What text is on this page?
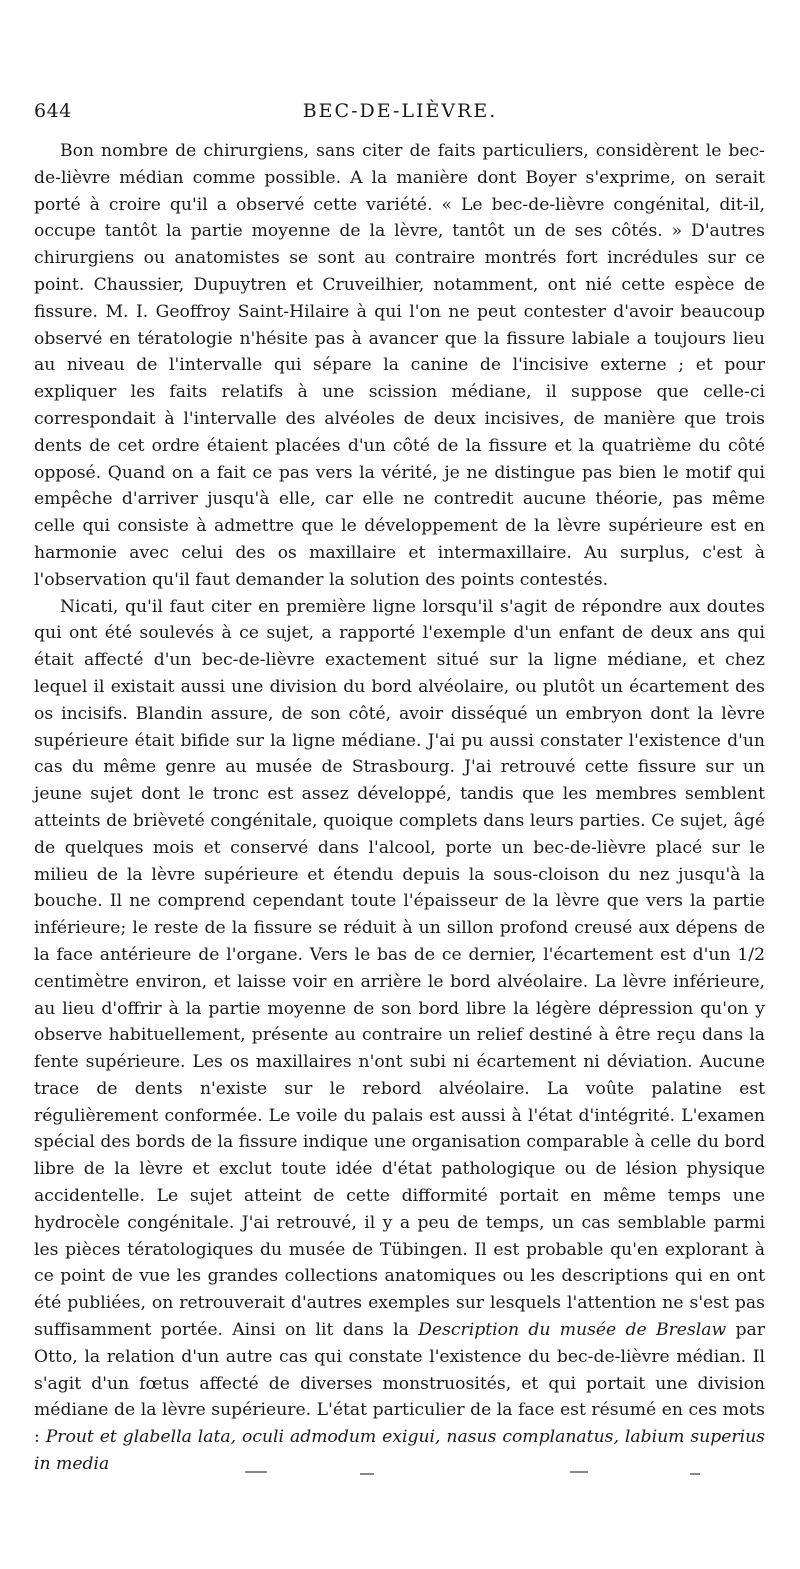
644	BEC-DE-LIÈVRE.

Bon nombre de chirurgiens, sans citer de faits particuliers, considèrent le bec-de-lièvre médian comme possible. A la manière dont Boyer s'exprime, on serait porté à croire qu'il a observé cette variété. « Le bec-de-lièvre congénital, dit-il, occupe tantôt la partie moyenne de la lèvre, tantôt un de ses côtés. » D'autres chirurgiens ou anatomistes se sont au contraire montrés fort incrédules sur ce point. Chaussier, Dupuytren et Cruveilhier, notamment, ont nié cette espèce de fissure. M. I. Geoffroy Saint-Hilaire à qui l'on ne peut contester d'avoir beaucoup observé en tératologie n'hésite pas à avancer que la fissure labiale a toujours lieu au niveau de l'intervalle qui sépare la canine de l'incisive externe ; et pour expliquer les faits relatifs à une scission médiane, il suppose que celle-ci correspondait à l'intervalle des alvéoles de deux incisives, de manière que trois dents de cet ordre étaient placées d'un côté de la fissure et la quatrième du côté opposé. Quand on a fait ce pas vers la vérité, je ne distingue pas bien le motif qui empêche d'arriver jusqu'à elle, car elle ne contredit aucune théorie, pas même celle qui consiste à admettre que le développement de la lèvre supérieure est en harmonie avec celui des os maxillaire et intermaxillaire. Au surplus, c'est à l'observation qu'il faut demander la solution des points contestés.

Nicati, qu'il faut citer en première ligne lorsqu'il s'agit de répondre aux doutes qui ont été soulevés à ce sujet, a rapporté l'exemple d'un enfant de deux ans qui était affecté d'un bec-de-lièvre exactement situé sur la ligne médiane, et chez lequel il existait aussi une division du bord alvéolaire, ou plutôt un écartement des os incisifs. Blandin assure, de son côté, avoir disséqué un embryon dont la lèvre supérieure était bifide sur la ligne médiane. J'ai pu aussi constater l'existence d'un cas du même genre au musée de Strasbourg. J'ai retrouvé cette fissure sur un jeune sujet dont le tronc est assez développé, tandis que les membres semblent atteints de brièveté congénitale, quoique complets dans leurs parties. Ce sujet, âgé de quelques mois et conservé dans l'alcool, porte un bec-de-lièvre placé sur le milieu de la lèvre supérieure et étendu depuis la sous-cloison du nez jusqu'à la bouche. Il ne comprend cependant toute l'épaisseur de la lèvre que vers la partie inférieure; le reste de la fissure se réduit à un sillon profond creusé aux dépens de la face antérieure de l'organe. Vers le bas de ce dernier, l'écartement est d'un 1/2 centimètre environ, et laisse voir en arrière le bord alvéolaire. La lèvre inférieure, au lieu d'offrir à la partie moyenne de son bord libre la légère dépression qu'on y observe habituellement, présente au contraire un relief destiné à être reçu dans la fente supérieure. Les os maxillaires n'ont subi ni écartement ni déviation. Aucune trace de dents n'existe sur le rebord alvéolaire. La voûte palatine est régulièrement conformée. Le voile du palais est aussi à l'état d'intégrité. L'examen spécial des bords de la fissure indique une organisation comparable à celle du bord libre de la lèvre et exclut toute idée d'état pathologique ou de lésion physique accidentelle. Le sujet atteint de cette difformité portait en même temps une hydrocèle congénitale. J'ai retrouvé, il y a peu de temps, un cas semblable parmi les pièces tératologiques du musée de Tübingen. Il est probable qu'en explorant à ce point de vue les grandes collections anatomiques ou les descriptions qui en ont été publiées, on retrouverait d'autres exemples sur lesquels l'attention ne s'est pas suffisamment portée. Ainsi on lit dans la Description du musée de Breslaw par Otto, la relation d'un autre cas qui constate l'existence du bec-de-lièvre médian. Il s'agit d'un fœtus affecté de diverses monstruosités, et qui portait une division médiane de la lèvre supérieure. L'état particulier de la face est résumé en ces mots : Prout et glabella lata, oculi admodum exigui, nasus complanatus, labium superius in media
